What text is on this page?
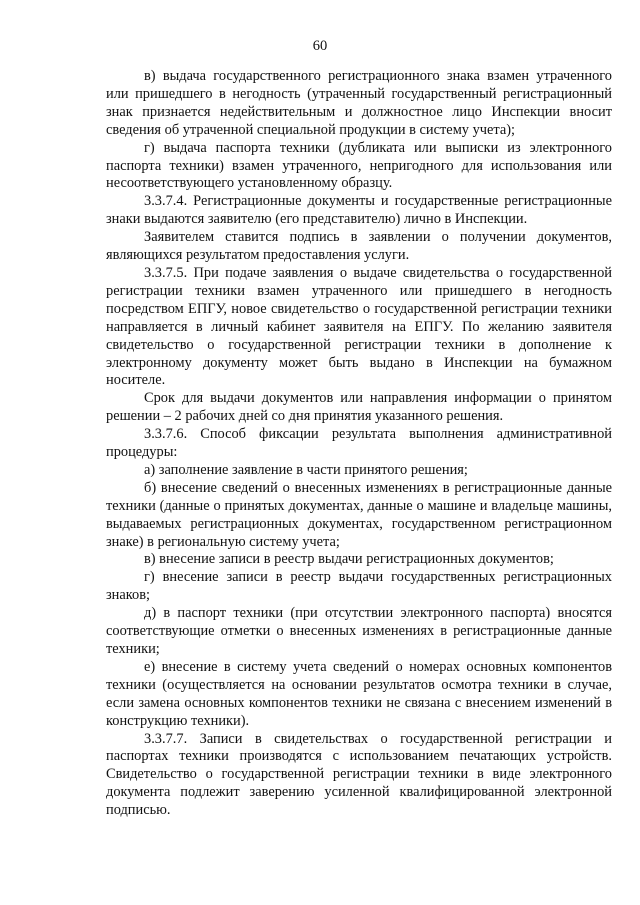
60

в) выдача государственного регистрационного знака взамен утраченного или пришедшего в негодность (утраченный государственный регистрационный знак признается недействительным и должностное лицо Инспекции вносит сведения об утраченной специальной продукции в систему учета);

г) выдача паспорта техники (дубликата или выписки из электронного паспорта техники) взамен утраченного, непригодного для использования или несоответствующего установленному образцу.

3.3.7.4. Регистрационные документы и государственные регистрационные знаки выдаются заявителю (его представителю) лично в Инспекции.

Заявителем ставится подпись в заявлении о получении документов, являющихся результатом предоставления услуги.

3.3.7.5. При подаче заявления о выдаче свидетельства о государственной регистрации техники взамен утраченного или пришедшего в негодность посредством ЕПГУ, новое свидетельство о государственной регистрации техники направляется в личный кабинет заявителя на ЕПГУ. По желанию заявителя свидетельство о государственной регистрации техники в дополнение к электронному документу может быть выдано в Инспекции на бумажном носителе.

Срок для выдачи документов или направления информации о принятом решении – 2 рабочих дней со дня принятия указанного решения.

3.3.7.6. Способ фиксации результата выполнения административной процедуры:

а) заполнение заявление в части принятого решения;

б) внесение сведений о внесенных изменениях в регистрационные данные техники (данные о принятых документах, данные о машине и владельце машины, выдаваемых регистрационных документах, государственном регистрационном знаке) в региональную систему учета;

в) внесение записи в реестр выдачи регистрационных документов;

г) внесение записи в реестр выдачи государственных регистрационных знаков;

д) в паспорт техники (при отсутствии электронного паспорта) вносятся соответствующие отметки о внесенных изменениях в регистрационные данные техники;

е) внесение в систему учета сведений о номерах основных компонентов техники (осуществляется на основании результатов осмотра техники в случае, если замена основных компонентов техники не связана с внесением изменений в конструкцию техники).

3.3.7.7. Записи в свидетельствах о государственной регистрации и паспортах техники производятся с использованием печатающих устройств. Свидетельство о государственной регистрации техники в виде электронного документа подлежит заверению усиленной квалифицированной электронной подписью.
